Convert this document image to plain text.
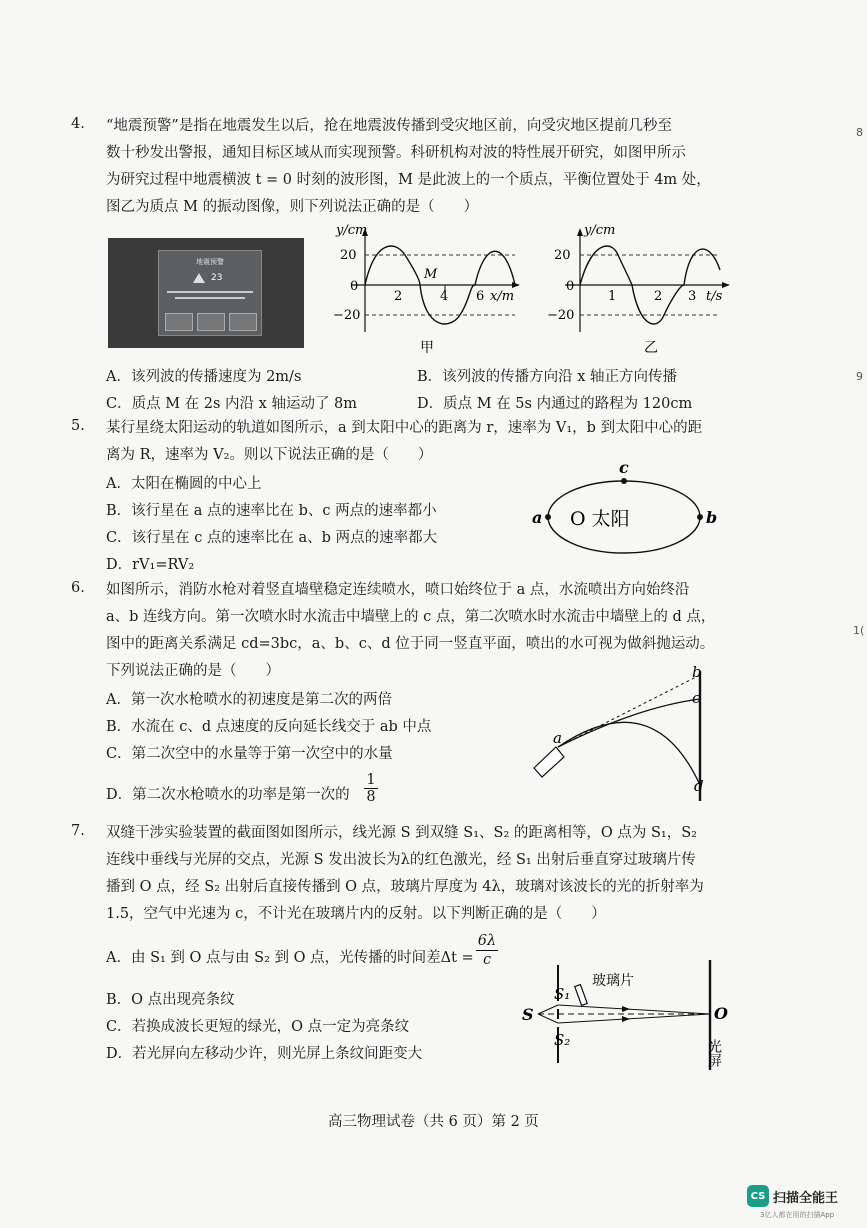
4. “地震预警”是指在地震发生以后，抢在地震波传播到受灾地区前，向受灾地区提前几秒至
数十秒发出警报，通知目标区域从而实现预警。科研机构对波的特性展开研究，如图甲所示
为研究过程中地震横波 t = 0 时刻的波形图，M 是此波上的一个质点，平衡位置处于 4m 处，
图乙为质点 M 的振动图像，则下列说法正确的是（　　）
地震预警
23
y/cm
20
0
−20
2	4 6 x/m
M
甲
y/cm
20
0
−20
1	2 3 t/s
乙
A．该列波的传播速度为 2m/s	B．该列波的传播方向沿 x 轴正方向传播
C．质点 M 在 2s 内沿 x 轴运动了 8m	D．质点 M 在 5s 内通过的路程为 120cm
5. 某行星绕太阳运动的轨道如图所示，a 到太阳中心的距离为 r，速率为 V₁，b 到太阳中心的距
离为 R，速率为 V₂。则以下说法正确的是（　　）
A．太阳在椭圆的中心上
B．该行星在 a 点的速率比在 b、c 两点的速率都小
C．该行星在 c 点的速率比在 a、b 两点的速率都大
D．rV₁=RV₂
a	b
c
O 太阳
6. 如图所示，消防水枪对着竖直墙壁稳定连续喷水，喷口始终位于 a 点，水流喷出方向始终沿
a、b 连线方向。第一次喷水时水流击中墙壁上的 c 点，第二次喷水时水流击中墙壁上的 d 点，
图中的距离关系满足 cd=3bc，a、b、c、d 位于同一竖直平面，喷出的水可视为做斜抛运动。
下列说法正确的是（　　）
A．第一次水枪喷水的初速度是第二次的两倍
B．水流在 c、d 点速度的反向延长线交于 ab 中点
C．第二次空中的水量等于第一次空中的水量
D．第二次水枪喷水的功率是第一次的 $\frac{1}{8}$
a
b
c
d
7. 双缝干涉实验装置的截面图如图所示，线光源 S 到双缝 S₁、S₂ 的距离相等，O 点为 S₁，S₂
连线中垂线与光屏的交点，光源 S 发出波长为λ的红色激光，经 S₁ 出射后垂直穿过玻璃片传
播到 O 点，经 S₂ 出射后直接传播到 O 点，玻璃片厚度为 4λ，玻璃对该波长的光的折射率为
1.5，空气中光速为 c，不计光在玻璃片内的反射。以下判断正确的是（　　）
A．由 S₁ 到 O 点与由 S₂ 到 O 点，光传播的时间差$\Delta t = \frac{6\lambda}{c}$
B．O 点出现亮条纹
C．若换成波长更短的绿光，O 点一定为亮条纹
D．若光屏向左移动少许，则光屏上条纹间距变大
S
S₁
S₂
玻璃片
O
光屏
高三物理试卷（共 6 页）第 2 页
CS 扫描全能王
3亿人都在用的扫描App
8
9
1(
